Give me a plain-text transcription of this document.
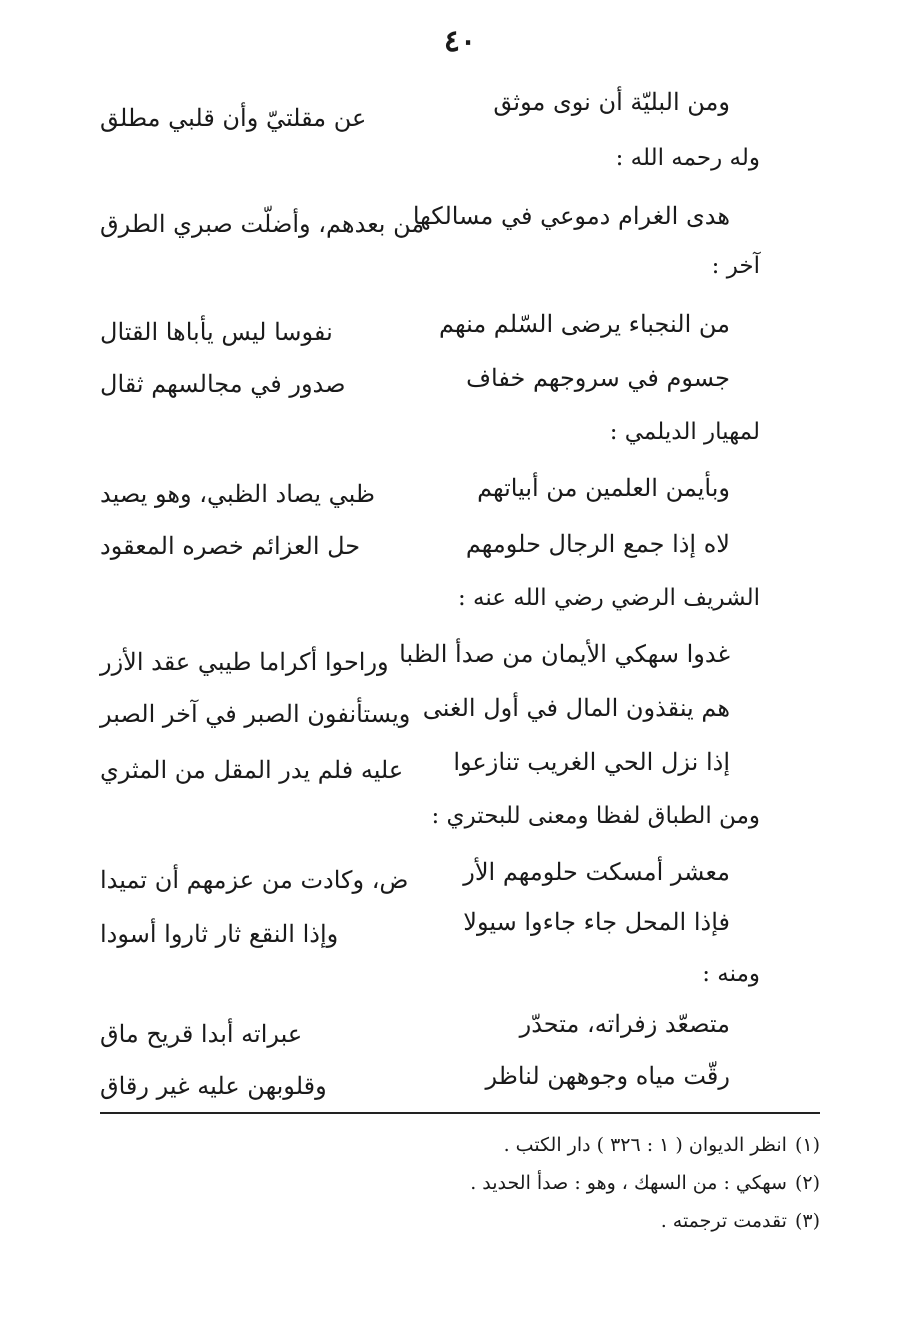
٤٠
ومن البليّة أن نوى موثق
عن مقلتيّ وأن قلبي مطلق
وله رحمه الله :
هدى الغرام دموعي في مسالكها
من بعدهم، وأضلّت صبري الطرق
آخر :
من النجباء يرضى السّلم منهم
نفوسا ليس يأباها القتال
جسوم في سروجهم خفاف
صدور في مجالسهم ثقال
لمهيار الديلمي :
وبأيمن العلمين من أبياتهم
ظبي يصاد الظبي، وهو يصيد
لاه إذا جمع الرجال حلومهم
حل العزائم خصره المعقود
الشريف الرضي رضي الله عنه :
غدوا سهكي الأيمان من صدأ الظبا
وراحوا أكراما طيبي عقد الأزر
هم ينقذون المال في أول الغنى
ويستأنفون الصبر في آخر الصبر
إذا نزل الحي الغريب تنازعوا
عليه فلم يدر المقل من المثري
ومن الطباق لفظا ومعنى للبحتري :
معشر أمسكت حلومهم الأر
ض، وكادت من عزمهم أن تميدا
فإذا المحل جاء جاءوا سيولا
وإذا النقع ثار ثاروا أسودا
ومنه :
متصعّد زفراته، متحدّر
عبراته أبدا قريح ماق
رقّت مياه وجوههن لناظر
وقلوبهن عليه غير رقاق
(١)انظر الديوان ( ١ : ٣٢٦ ) دار الكتب .
(٢)سهكي : من السهك ، وهو : صدأ الحديد .
(٣)تقدمت ترجمته .
